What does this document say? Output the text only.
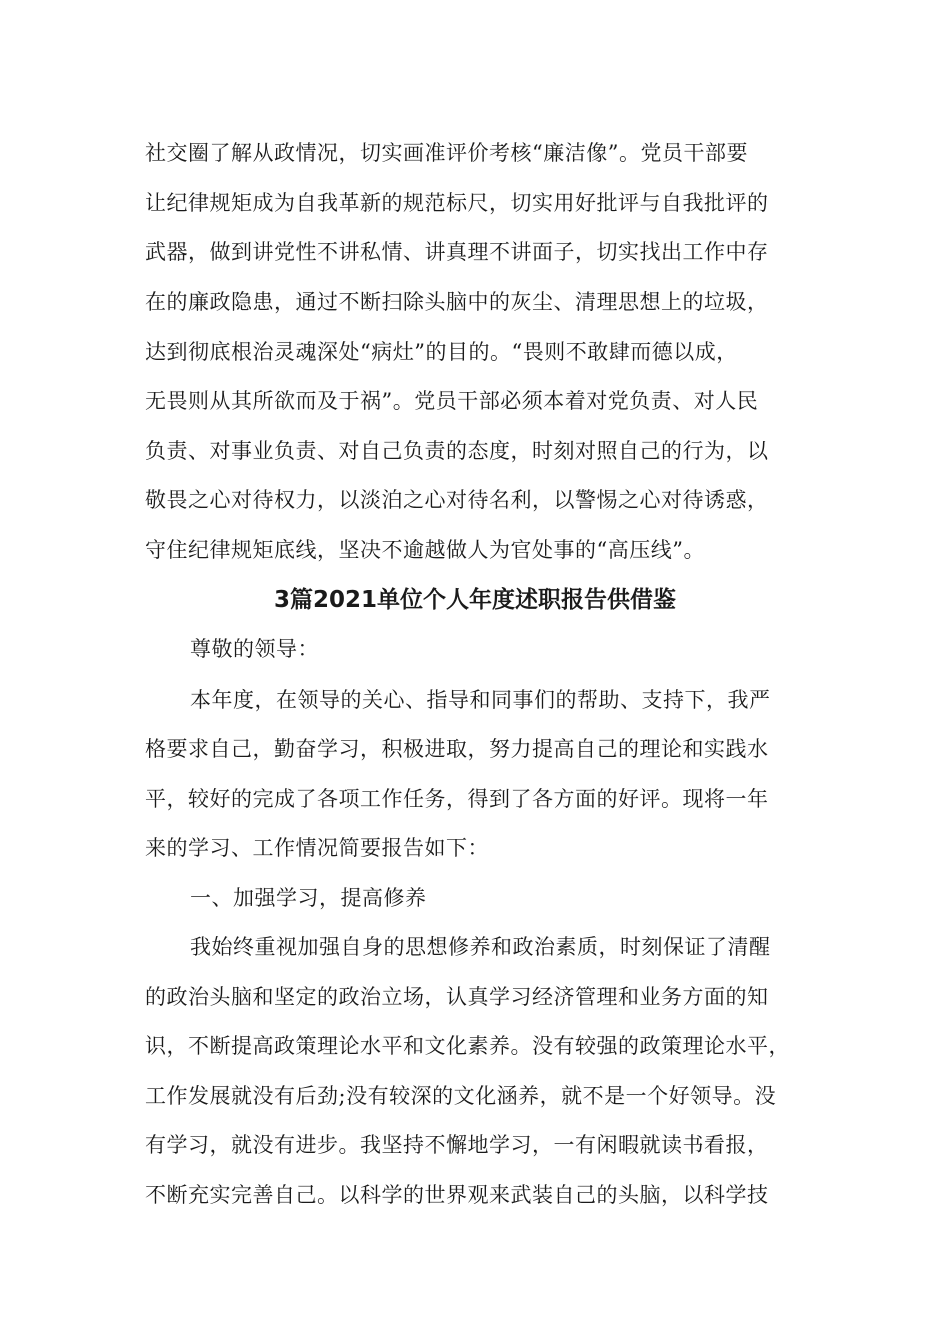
社交圈了解从政情况，切实画准评价考核“廉洁像”。党员干部要
让纪律规矩成为自我革新的规范标尺，切实用好批评与自我批评的
武器，做到讲党性不讲私情、讲真理不讲面子，切实找出工作中存
在的廉政隐患，通过不断扫除头脑中的灰尘、清理思想上的垃圾，
达到彻底根治灵魂深处“病灶”的目的。“畏则不敢肆而德以成，
无畏则从其所欲而及于祸”。党员干部必须本着对党负责、对人民
负责、对事业负责、对自己负责的态度，时刻对照自己的行为，以
敬畏之心对待权力，以淡泊之心对待名利，以警惕之心对待诱惑，
守住纪律规矩底线，坚决不逾越做人为官处事的“高压线”。
3篇2021单位个人年度述职报告供借鉴
尊敬的领导：
本年度，在领导的关心、指导和同事们的帮助、支持下，我严
格要求自己，勤奋学习，积极进取，努力提高自己的理论和实践水
平，较好的完成了各项工作任务，得到了各方面的好评。现将一年
来的学习、工作情况简要报告如下：
一、加强学习，提高修养
我始终重视加强自身的思想修养和政治素质，时刻保证了清醒
的政治头脑和坚定的政治立场，认真学习经济管理和业务方面的知
识，不断提高政策理论水平和文化素养。没有较强的政策理论水平，
工作发展就没有后劲;没有较深的文化涵养，就不是一个好领导。没
有学习，就没有进步。我坚持不懈地学习，一有闲暇就读书看报，
不断充实完善自己。以科学的世界观来武装自己的头脑，以科学技
